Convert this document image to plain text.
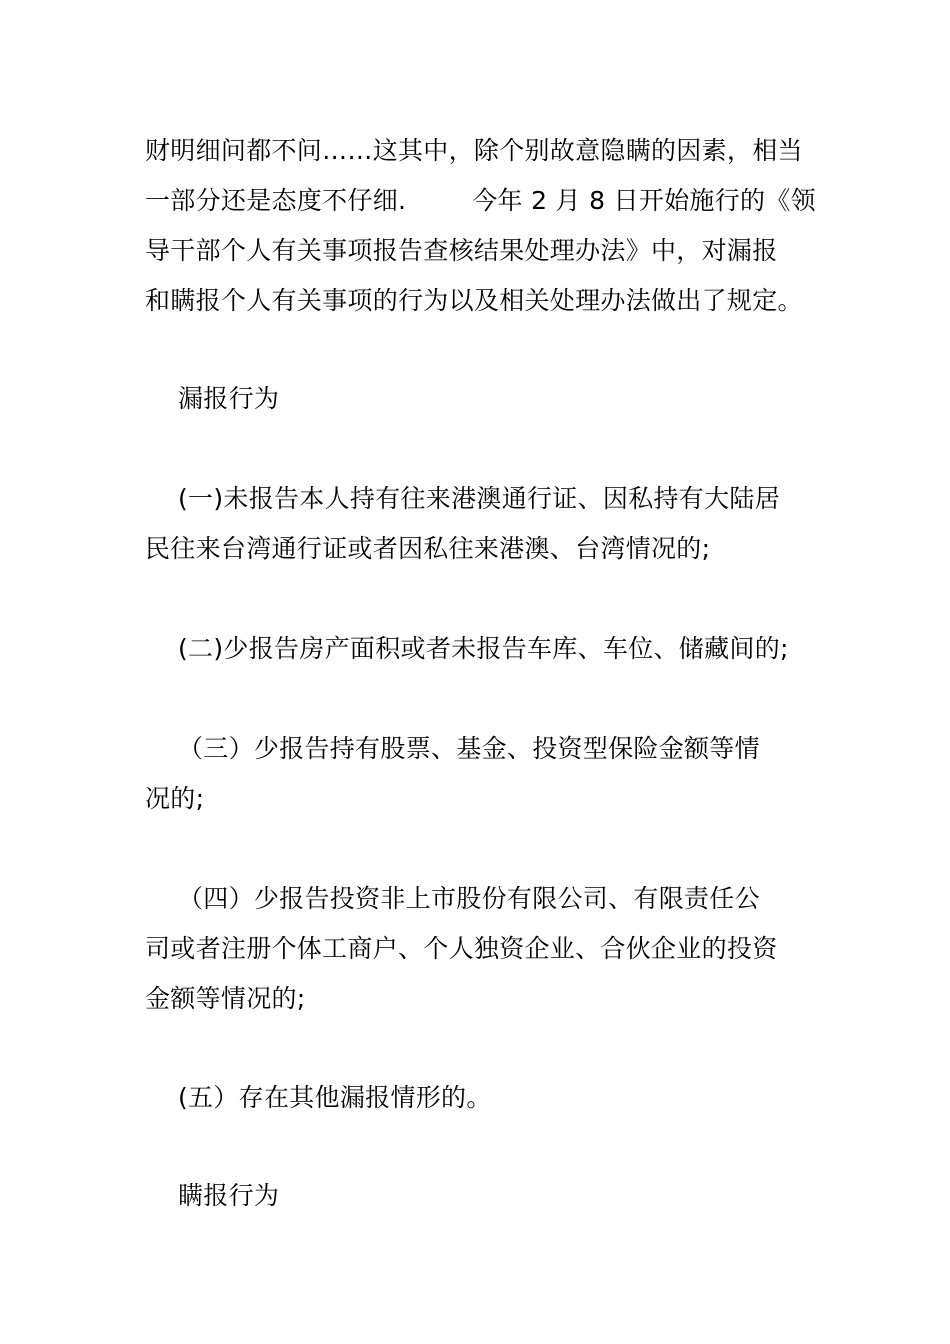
财明细问都不问……这其中，除个别故意隐瞒的因素，相当
一部分还是态度不仔细.        今年 2 月 8 日开始施行的《领
导干部个人有关事项报告查核结果处理办法》中，对漏报
和瞒报个人有关事项的行为以及相关处理办法做出了规定。
漏报行为
(一)未报告本人持有往来港澳通行证、因私持有大陆居
民往来台湾通行证或者因私往来港澳、台湾情况的;
(二)少报告房产面积或者未报告车库、车位、储藏间的;
（三）少报告持有股票、基金、投资型保险金额等情
况的;
（四）少报告投资非上市股份有限公司、有限责任公
司或者注册个体工商户、个人独资企业、合伙企业的投资
金额等情况的;
(五）存在其他漏报情形的。
瞒报行为
